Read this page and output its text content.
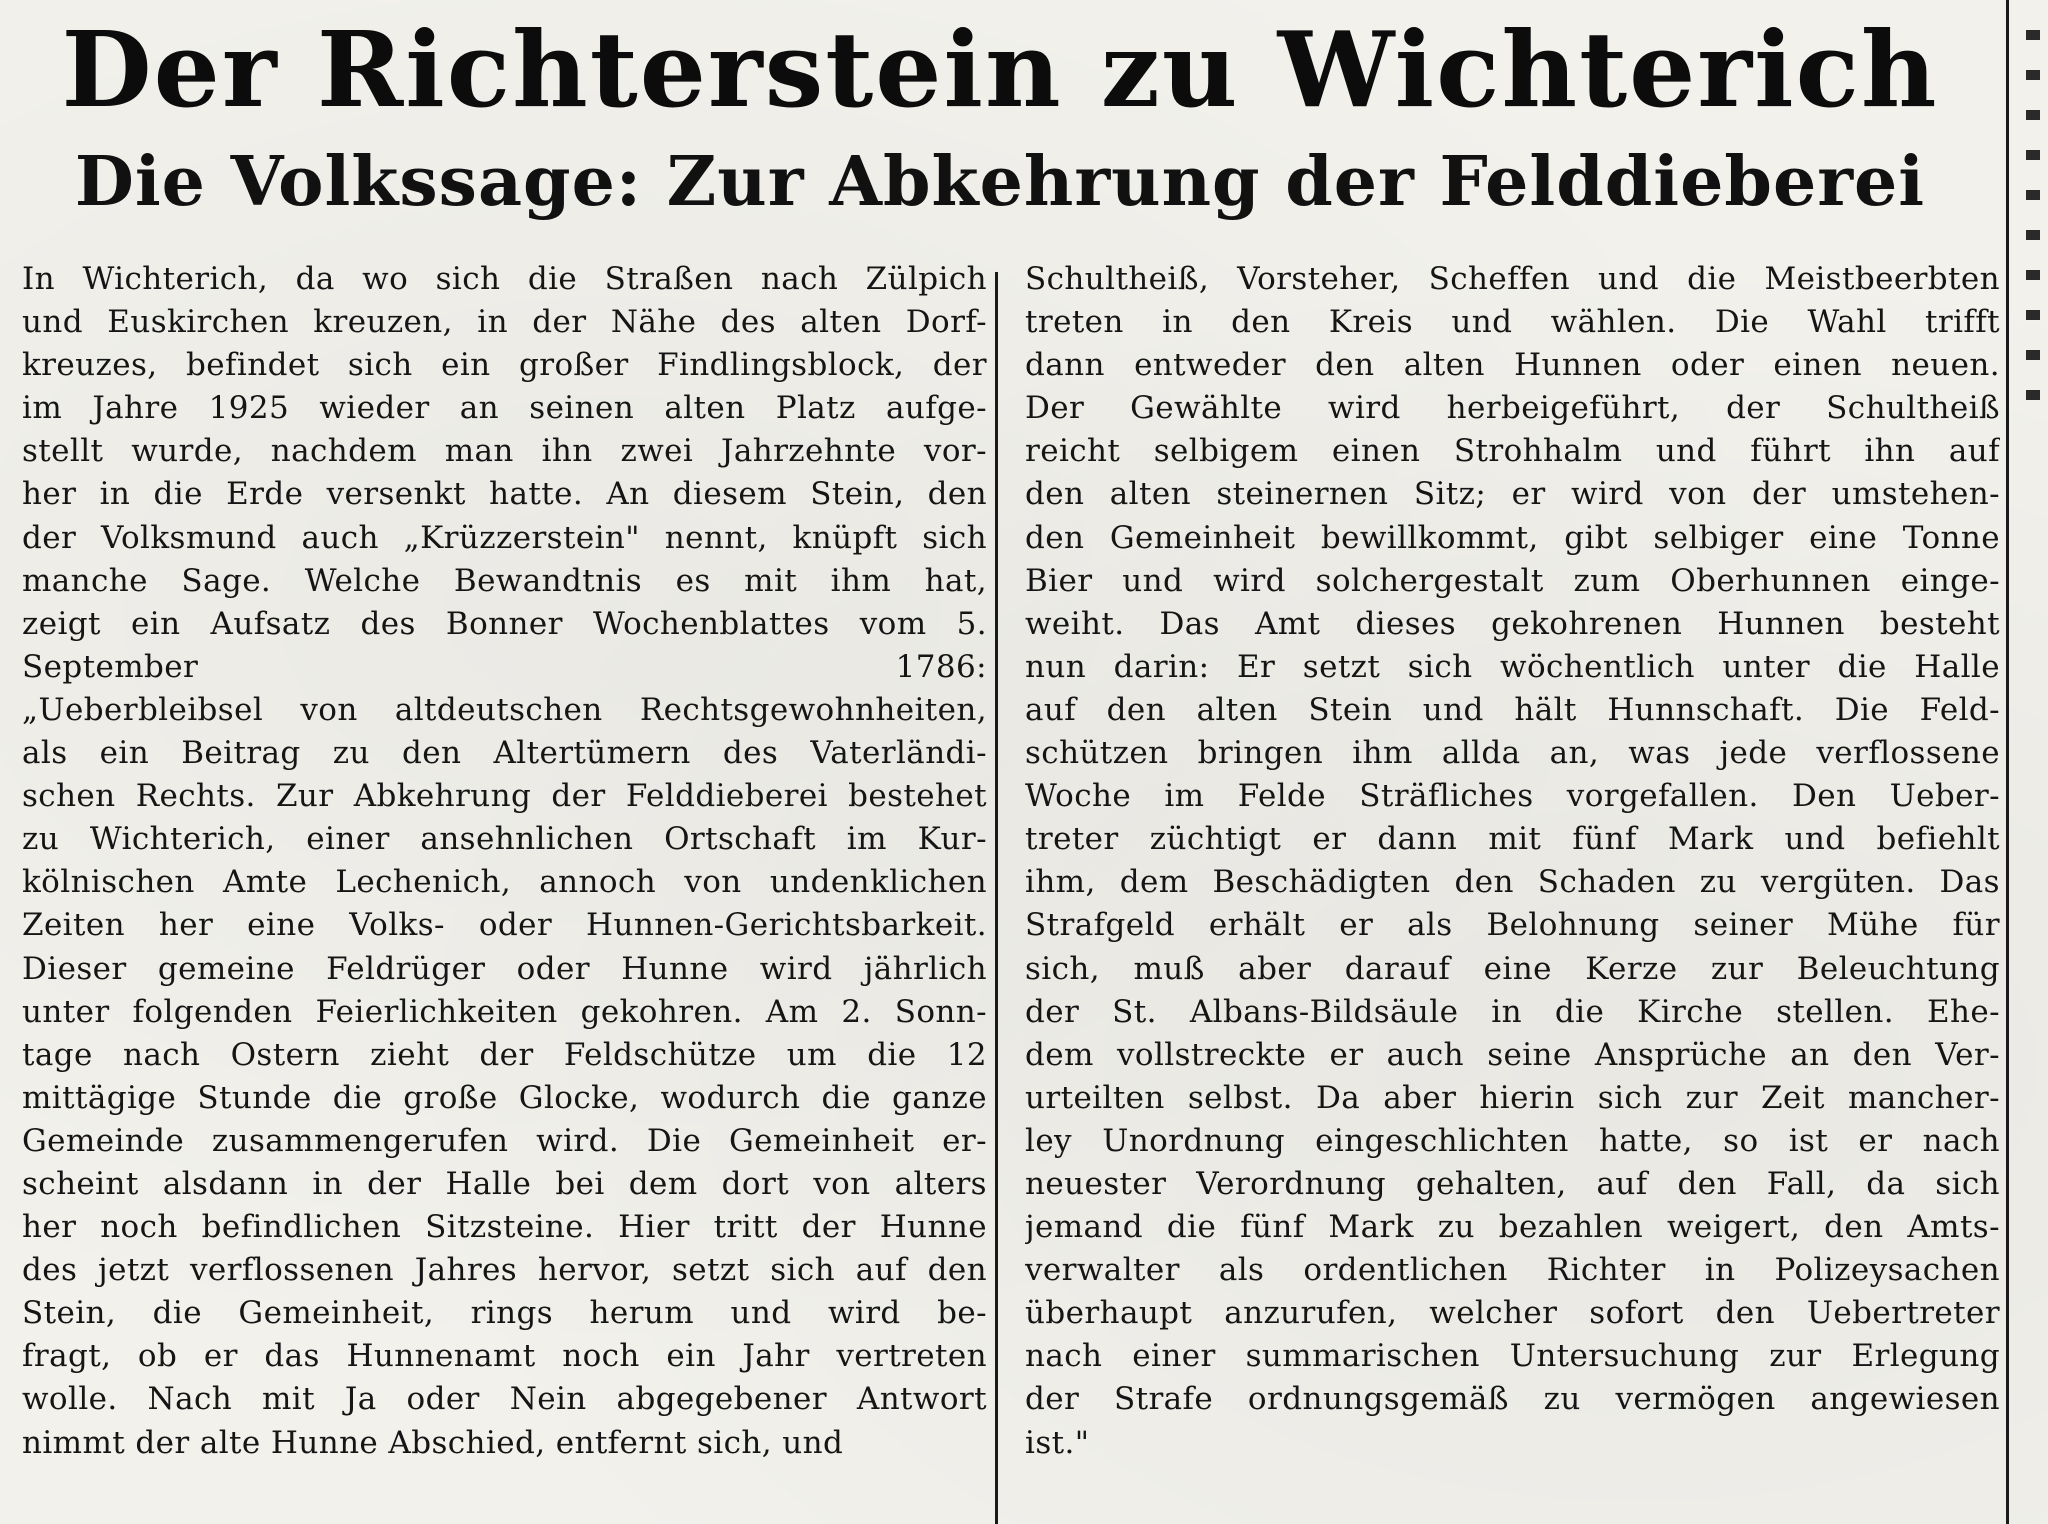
Der Richterstein zu Wichterich
Die Volkssage: Zur Abkehrung der Felddieberei
In Wichterich, da wo sich die Straßen nach Zülpich
und Euskirchen kreuzen, in der Nähe des alten Dorf-
kreuzes, befindet sich ein großer Findlingsblock, der
im Jahre 1925 wieder an seinen alten Platz aufge-
stellt wurde, nachdem man ihn zwei Jahrzehnte vor-
her in die Erde versenkt hatte. An diesem Stein, den
der Volksmund auch „Krüzzerstein" nennt, knüpft sich
manche Sage. Welche Bewandtnis es mit ihm hat,
zeigt ein Aufsatz des Bonner Wochenblattes vom 5.
September 1786:
„Ueberbleibsel von altdeutschen Rechtsgewohnheiten,
als ein Beitrag zu den Altertümern des Vaterländi-
schen Rechts. Zur Abkehrung der Felddieberei bestehet
zu Wichterich, einer ansehnlichen Ortschaft im Kur-
kölnischen Amte Lechenich, annoch von undenklichen
Zeiten her eine Volks- oder Hunnen-Gerichtsbarkeit.
Dieser gemeine Feldrüger oder Hunne wird jährlich
unter folgenden Feierlichkeiten gekohren. Am 2. Sonn-
tage nach Ostern zieht der Feldschütze um die 12
mittägige Stunde die große Glocke, wodurch die ganze
Gemeinde zusammengerufen wird. Die Gemeinheit er-
scheint alsdann in der Halle bei dem dort von alters
her noch befindlichen Sitzsteine. Hier tritt der Hunne
des jetzt verflossenen Jahres hervor, setzt sich auf den
Stein, die Gemeinheit, rings herum und wird be-
fragt, ob er das Hunnenamt noch ein Jahr vertreten
wolle. Nach mit Ja oder Nein abgegebener Antwort
nimmt der alte Hunne Abschied, entfernt sich, und
Schultheiß, Vorsteher, Scheffen und die Meistbeerbten
treten in den Kreis und wählen. Die Wahl trifft
dann entweder den alten Hunnen oder einen neuen.
Der Gewählte wird herbeigeführt, der Schultheiß
reicht selbigem einen Strohhalm und führt ihn auf
den alten steinernen Sitz; er wird von der umstehen-
den Gemeinheit bewillkommt, gibt selbiger eine Tonne
Bier und wird solchergestalt zum Oberhunnen einge-
weiht. Das Amt dieses gekohrenen Hunnen besteht
nun darin: Er setzt sich wöchentlich unter die Halle
auf den alten Stein und hält Hunnschaft. Die Feld-
schützen bringen ihm allda an, was jede verflossene
Woche im Felde Sträfliches vorgefallen. Den Ueber-
treter züchtigt er dann mit fünf Mark und befiehlt
ihm, dem Beschädigten den Schaden zu vergüten. Das
Strafgeld erhält er als Belohnung seiner Mühe für
sich, muß aber darauf eine Kerze zur Beleuchtung
der St. Albans-Bildsäule in die Kirche stellen. Ehe-
dem vollstreckte er auch seine Ansprüche an den Ver-
urteilten selbst. Da aber hierin sich zur Zeit mancher-
ley Unordnung eingeschlichten hatte, so ist er nach
neuester Verordnung gehalten, auf den Fall, da sich
jemand die fünf Mark zu bezahlen weigert, den Amts-
verwalter als ordentlichen Richter in Polizeysachen
überhaupt anzurufen, welcher sofort den Uebertreter
nach einer summarischen Untersuchung zur Erlegung
der Strafe ordnungsgemäß zu vermögen angewiesen
ist."
